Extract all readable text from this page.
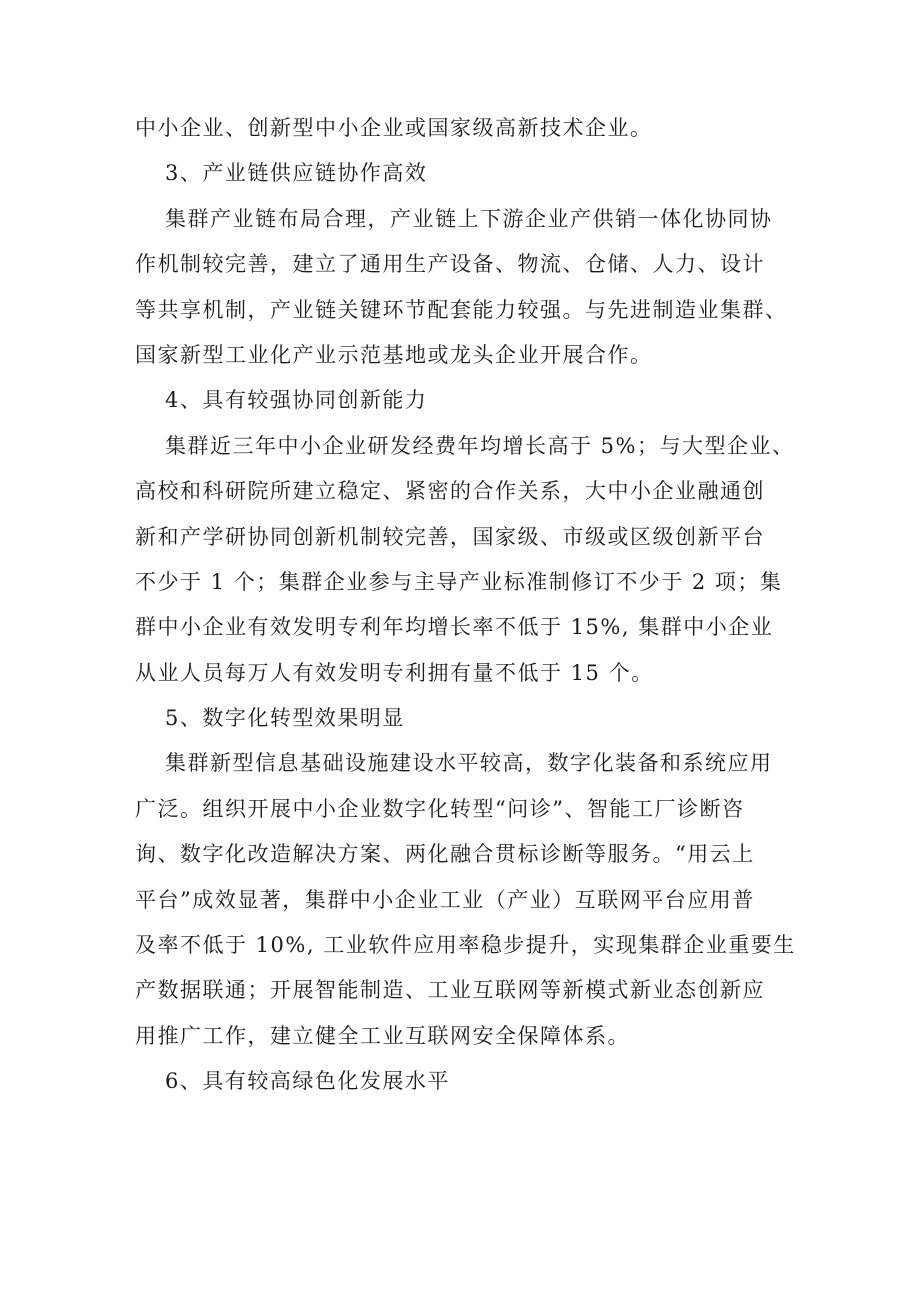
中小企业、创新型中小企业或国家级高新技术企业。
3、产业链供应链协作高效
集群产业链布局合理，产业链上下游企业产供销一体化协同协
作机制较完善，建立了通用生产设备、物流、仓储、人力、设计
等共享机制，产业链关键环节配套能力较强。与先进制造业集群、
国家新型工业化产业示范基地或龙头企业开展合作。
4、具有较强协同创新能力
集群近三年中小企业研发经费年均增长高于 5%；与大型企业、
高校和科研院所建立稳定、紧密的合作关系，大中小企业融通创
新和产学研协同创新机制较完善，国家级、市级或区级创新平台
不少于 1 个；集群企业参与主导产业标准制修订不少于 2 项；集
群中小企业有效发明专利年均增长率不低于 15%, 集群中小企业
从业人员每万人有效发明专利拥有量不低于 15 个。
5、数字化转型效果明显
集群新型信息基础设施建设水平较高，数字化装备和系统应用
广泛。组织开展中小企业数字化转型“问诊”、智能工厂诊断咨
询、数字化改造解决方案、两化融合贯标诊断等服务。“用云上
平台”成效显著，集群中小企业工业（产业）互联网平台应用普
及率不低于 10%, 工业软件应用率稳步提升，实现集群企业重要生
产数据联通；开展智能制造、工业互联网等新模式新业态创新应
用推广工作，建立健全工业互联网安全保障体系。
6、具有较高绿色化发展水平
